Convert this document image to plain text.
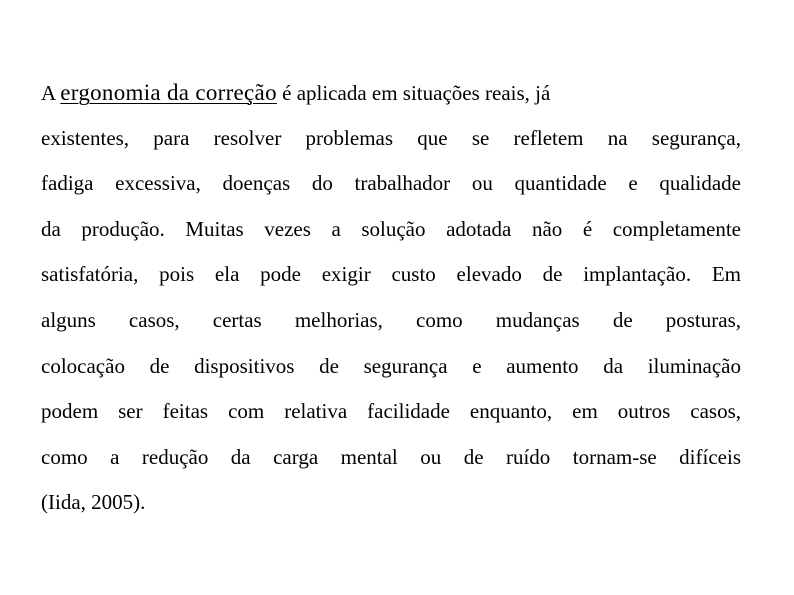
A ergonomia da correção é aplicada em situações reais, já
existentes, para resolver problemas que se refletem na segurança,
fadiga excessiva, doenças do trabalhador ou quantidade e qualidade
da produção. Muitas vezes a solução adotada não é completamente
satisfatória, pois ela pode exigir custo elevado de implantação. Em
alguns casos, certas melhorias, como mudanças de posturas,
colocação de dispositivos de segurança e aumento da iluminação
podem ser feitas com relativa facilidade enquanto, em outros casos,
como a redução da carga mental ou de ruído tornam-se difíceis
(Iida, 2005).
